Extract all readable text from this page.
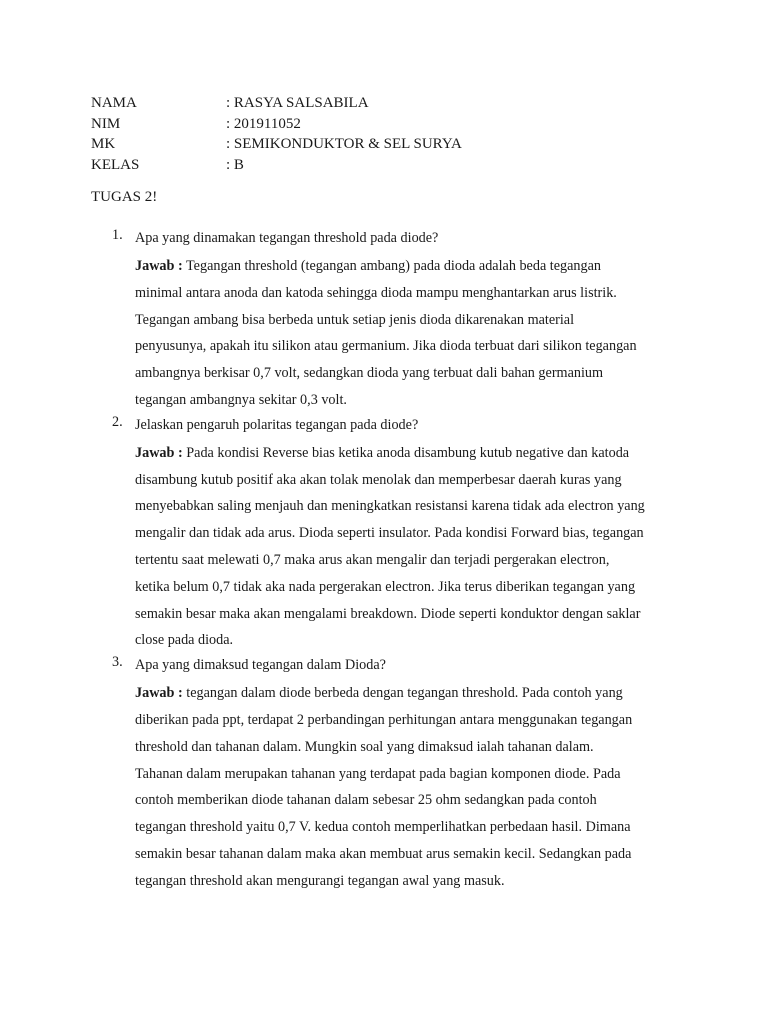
NAMA	: RASYA SALSABILA
NIM	: 201911052
MK	: SEMIKONDUKTOR & SEL SURYA
KELAS	: B
TUGAS 2!
1. Apa yang dinamakan tegangan threshold pada diode?
Jawab : Tegangan threshold (tegangan ambang) pada dioda adalah beda tegangan
minimal antara anoda dan katoda sehingga dioda mampu menghantarkan arus listrik.
Tegangan ambang bisa berbeda untuk setiap jenis dioda dikarenakan material
penyusunya, apakah itu silikon atau germanium. Jika dioda terbuat dari silikon tegangan
ambangnya berkisar 0,7 volt, sedangkan dioda yang terbuat dali bahan germanium
tegangan ambangnya sekitar 0,3 volt.
2. Jelaskan pengaruh polaritas tegangan pada diode?
Jawab : Pada kondisi Reverse bias ketika anoda disambung kutub negative dan katoda
disambung kutub positif aka akan tolak menolak dan memperbesar daerah kuras yang
menyebabkan saling menjauh dan meningkatkan resistansi karena tidak ada electron yang
mengalir dan tidak ada arus. Dioda seperti insulator. Pada kondisi Forward bias, tegangan
tertentu saat melewati 0,7 maka arus akan mengalir dan terjadi pergerakan electron,
ketika belum 0,7 tidak aka nada pergerakan electron. Jika terus diberikan tegangan yang
semakin besar maka akan mengalami breakdown. Diode seperti konduktor dengan saklar
close pada dioda.
3. Apa yang dimaksud tegangan dalam Dioda?
Jawab : tegangan dalam diode berbeda dengan tegangan threshold. Pada contoh yang
diberikan pada ppt, terdapat 2 perbandingan perhitungan antara menggunakan tegangan
threshold dan tahanan dalam. Mungkin soal yang dimaksud ialah tahanan dalam.
Tahanan dalam merupakan tahanan yang terdapat pada bagian komponen diode. Pada
contoh memberikan diode tahanan dalam sebesar 25 ohm sedangkan pada contoh
tegangan threshold yaitu 0,7 V. kedua contoh memperlihatkan perbedaan hasil. Dimana
semakin besar tahanan dalam maka akan membuat arus semakin kecil. Sedangkan pada
tegangan threshold akan mengurangi tegangan awal yang masuk.
